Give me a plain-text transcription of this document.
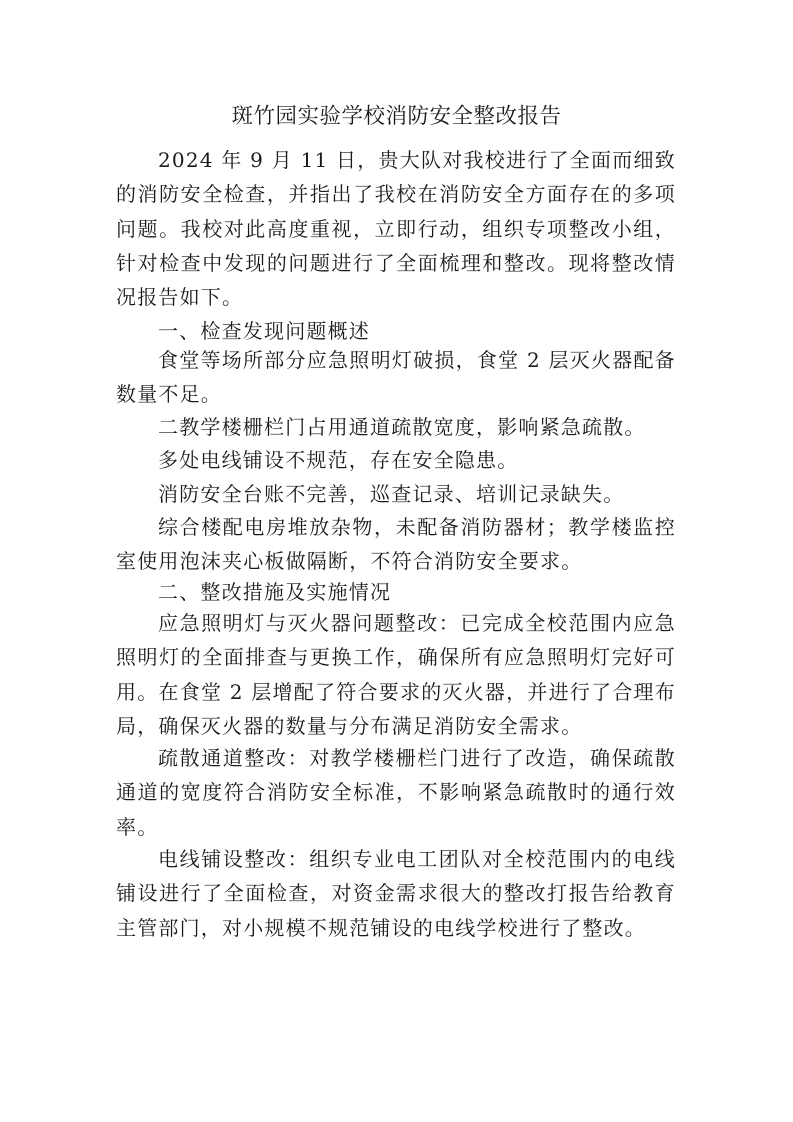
斑竹园实验学校消防安全整改报告

2024 年 9 月 11 日，贵大队对我校进行了全面而细致的消防安全检查，并指出了我校在消防安全方面存在的多项问题。我校对此高度重视，立即行动，组织专项整改小组，针对检查中发现的问题进行了全面梳理和整改。现将整改情况报告如下。

一、检查发现问题概述

食堂等场所部分应急照明灯破损，食堂 2 层灭火器配备数量不足。

二教学楼栅栏门占用通道疏散宽度，影响紧急疏散。

多处电线铺设不规范，存在安全隐患。

消防安全台账不完善，巡查记录、培训记录缺失。

综合楼配电房堆放杂物，未配备消防器材；教学楼监控室使用泡沫夹心板做隔断，不符合消防安全要求。

二、整改措施及实施情况

应急照明灯与灭火器问题整改：已完成全校范围内应急照明灯的全面排查与更换工作，确保所有应急照明灯完好可用。在食堂 2 层增配了符合要求的灭火器，并进行了合理布局，确保灭火器的数量与分布满足消防安全需求。

疏散通道整改：对教学楼栅栏门进行了改造，确保疏散通道的宽度符合消防安全标准，不影响紧急疏散时的通行效率。

电线铺设整改：组织专业电工团队对全校范围内的电线铺设进行了全面检查，对资金需求很大的整改打报告给教育主管部门，对小规模不规范铺设的电线学校进行了整改。
